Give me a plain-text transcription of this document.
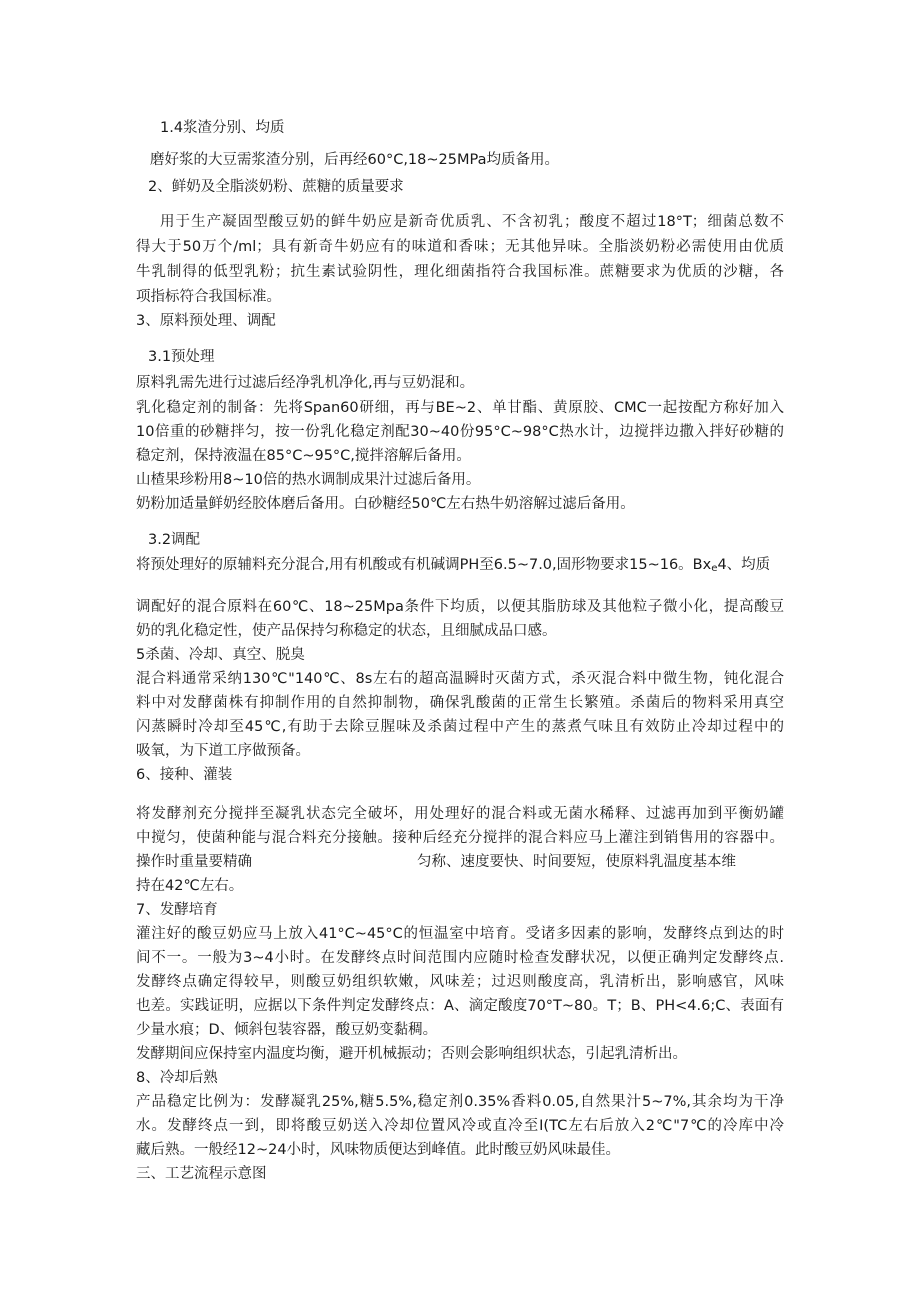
1.4浆渣分别、均质
磨好浆的大豆需浆渣分别，后再经60°C,18~25MPa均质备用。
2、鲜奶及全脂淡奶粉、蔗糖的质量要求
用于生产凝固型酸豆奶的鲜牛奶应是新奇优质乳、不含初乳；酸度不超过18°T；细菌总数不
得大于50万个/ml；具有新奇牛奶应有的味道和香味；无其他异味。全脂淡奶粉必需使用由优质
牛乳制得的低型乳粉；抗生素试验阴性，理化细菌指符合我国标准。蔗糖要求为优质的沙糖，各
项指标符合我国标准。
3、原料预处理、调配
3.1预处理
原料乳需先进行过滤后经净乳机净化,再与豆奶混和。
乳化稳定剂的制备：先将Span60研细，再与BE~2、单甘酯、黄原胶、CMC一起按配方称好加入
10倍重的砂糖拌匀，按一份乳化稳定剂配30~40份95°C~98°C热水计，边搅拌边撒入拌好砂糖的
稳定剂，保持液温在85°C~95°C,搅拌溶解后备用。
山楂果珍粉用8~10倍的热水调制成果汁过滤后备用。
奶粉加适量鲜奶经胶体磨后备用。白砂糖经50℃左右热牛奶溶解过滤后备用。
3.2调配
将预处理好的原辅料充分混合,用有机酸或有机碱调PH至6.5~7.0,固形物要求15~16。Bxe4、均质
调配好的混合原料在60℃、18~25Mpa条件下均质，以便其脂肪球及其他粒子微小化，提高酸豆
奶的乳化稳定性，使产品保持匀称稳定的状态，且细腻成品口感。
5杀菌、冷却、真空、脱臭
混合料通常采纳130℃"140℃、8s左右的超高温瞬时灭菌方式，杀灭混合料中微生物，钝化混合
料中对发酵菌株有抑制作用的自然抑制物，确保乳酸菌的正常生长繁殖。杀菌后的物料采用真空
闪蒸瞬时冷却至45℃,有助于去除豆腥味及杀菌过程中产生的蒸煮气味且有效防止冷却过程中的
吸氧，为下道工序做预备。
6、接种、灌装
将发酵剂充分搅拌至凝乳状态完全破坏，用处理好的混合料或无菌水稀释、过滤再加到平衡奶罐
中搅匀，使菌种能与混合料充分接触。接种后经充分搅拌的混合料应马上灌注到销售用的容器中。
操作时重量要精确	匀称、速度要快、时间要短，使原料乳温度基本维
持在42℃左右。
7、发酵培育
灌注好的酸豆奶应马上放入41°C~45°C的恒温室中培育。受诸多因素的影响，发酵终点到达的时
间不一。一般为3~4小时。在发酵终点时间范围内应随时检查发酵状况，以便正确判定发酵终点.
发酵终点确定得较早，则酸豆奶组织软嫩，风味差；过迟则酸度高，乳清析出，影响感官，风味
也差。实践证明，应据以下条件判定发酵终点：A、滴定酸度70°T~80。T；B、PH<4.6;C、表面有
少量水痕；D、倾斜包装容器，酸豆奶变黏稠。
发酵期间应保持室内温度均衡，避开机械振动；否则会影响组织状态，引起乳清析出。
8、冷却后熟
产品稳定比例为：发酵凝乳25%,糖5.5%,稳定剂0.35%香料0.05,自然果汁5~7%,其余均为干净
水。发酵终点一到，即将酸豆奶送入冷却位置风冷或直冷至I(TC左右后放入2℃"7℃的冷库中冷
藏后熟。一般经12~24小时，风味物质便达到峰值。此时酸豆奶风味最佳。
三、工艺流程示意图
